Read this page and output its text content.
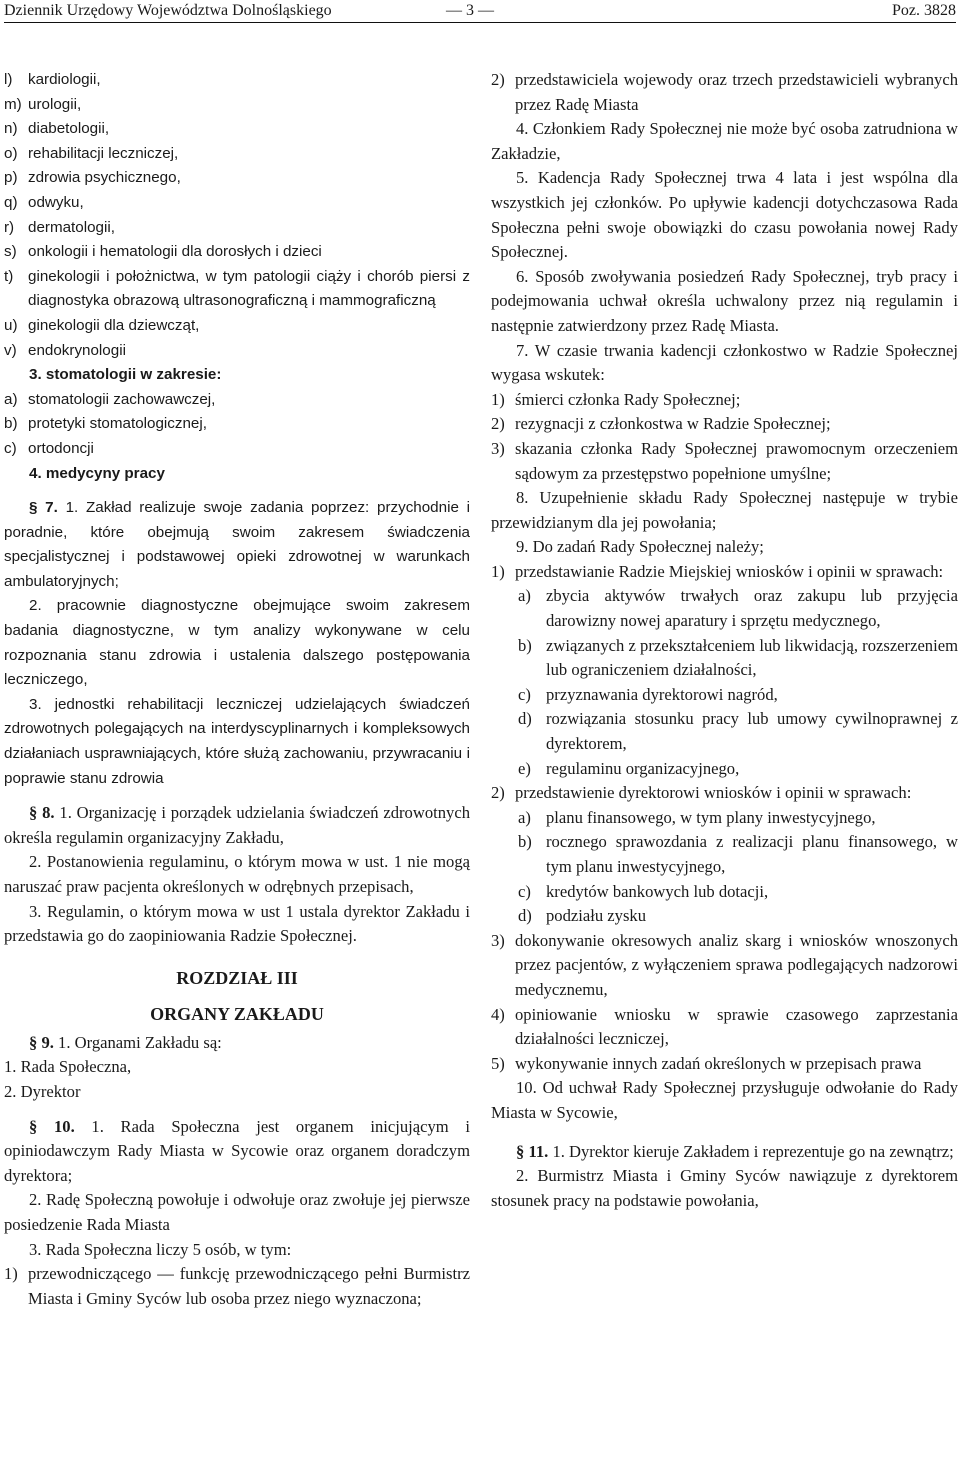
Dziennik Urzędowy Województwa Dolnośląskiego	— 3 —	Poz. 3828
l) kardiologii,
m) urologii,
n) diabetologii,
o) rehabilitacji leczniczej,
p) zdrowia psychicznego,
q) odwyku,
r) dermatologii,
s) onkologii i hematologii dla dorosłych i dzieci
t) ginekologii i położnictwa, w tym patologii ciąży i chorób piersi z diagnostyka obrazową ultrasonograficzną i mammograficzną
u) ginekologii dla dziewcząt,
v) endokrynologii
3. stomatologii w zakresie:
a) stomatologii zachowawczej,
b) protetyki stomatologicznej,
c) ortodoncji
4. medycyny pracy
§ 7. 1. Zakład realizuje swoje zadania poprzez: przychodnie i poradnie, które obejmują swoim zakresem świadczenia specjalistycznej i podstawowej opieki zdrowotnej w warunkach ambulatoryjnych;
2. pracownie diagnostyczne obejmujące swoim zakresem badania diagnostyczne, w tym analizy wykonywane w celu rozpoznania stanu zdrowia i ustalenia dalszego postępowania leczniczego,
3. jednostki rehabilitacji leczniczej udzielających świadczeń zdrowotnych polegających na interdyscyplinarnych i kompleksowych działaniach usprawniających, które służą zachowaniu, przywracaniu i poprawie stanu zdrowia
§ 8. 1. Organizację i porządek udzielania świadczeń zdrowotnych określa regulamin organizacyjny Zakładu,
2. Postanowienia regulaminu, o którym mowa w ust. 1 nie mogą naruszać praw pacjenta określonych w odrębnych przepisach,
3. Regulamin, o którym mowa w ust 1 ustala dyrektor Zakładu i przedstawia go do zaopiniowania Radzie Społecznej.
ROZDZIAŁ III
ORGANY ZAKŁADU
§ 9. 1. Organami Zakładu są:
1. Rada Społeczna,
2. Dyrektor
§ 10. 1. Rada Społeczna jest organem inicjującym i opiniodawczym Rady Miasta w Sycowie oraz organem doradczym dyrektora;
2. Radę Społeczną powołuje i odwołuje oraz zwołuje jej pierwsze posiedzenie Rada Miasta
3. Rada Społeczna liczy 5 osób, w tym:
1) przewodniczącego — funkcję przewodniczącego pełni Burmistrz Miasta i Gminy Syców lub osoba przez niego wyznaczona;
2) przedstawiciela wojewody oraz trzech przedstawicieli wybranych przez Radę Miasta
4. Członkiem Rady Społecznej nie może być osoba zatrudniona w Zakładzie,
5. Kadencja Rady Społecznej trwa 4 lata i jest wspólna dla wszystkich jej członków. Po upływie kadencji dotychczasowa Rada Społeczna pełni swoje obowiązki do czasu powołania nowej Rady Społecznej.
6. Sposób zwoływania posiedzeń Rady Społecznej, tryb pracy i podejmowania uchwał określa uchwalony przez nią regulamin i następnie zatwierdzony przez Radę Miasta.
7. W czasie trwania kadencji członkostwo w Radzie Społecznej wygasa wskutek:
1) śmierci członka Rady Społecznej;
2) rezygnacji z członkostwa w Radzie Społecznej;
3) skazania członka Rady Społecznej prawomocnym orzeczeniem sądowym za przestępstwo popełnione umyślne;
8. Uzupełnienie składu Rady Społecznej następuje w trybie przewidzianym dla jej powołania;
9. Do zadań Rady Społecznej należy;
1) przedstawianie Radzie Miejskiej wniosków i opinii w sprawach:
a) zbycia aktywów trwałych oraz zakupu lub przyjęcia darowizny nowej aparatury i sprzętu medycznego,
b) związanych z przekształceniem lub likwidacją, rozszerzeniem lub ograniczeniem działalności,
c) przyznawania dyrektorowi nagród,
d) rozwiązania stosunku pracy lub umowy cywilnoprawnej z dyrektorem,
e) regulaminu organizacyjnego,
2) przedstawienie dyrektorowi wniosków i opinii w sprawach:
a) planu finansowego, w tym plany inwestycyjnego,
b) rocznego sprawozdania z realizacji planu finansowego, w tym planu inwestycyjnego,
c) kredytów bankowych lub dotacji,
d) podziału zysku
3) dokonywanie okresowych analiz skarg i wniosków wnoszonych przez pacjentów, z wyłączeniem sprawa podlegających nadzorowi medycznemu,
4) opiniowanie wniosku w sprawie czasowego zaprzestania działalności leczniczej,
5) wykonywanie innych zadań określonych w przepisach prawa
10. Od uchwał Rady Społecznej przysługuje odwołanie do Rady Miasta w Sycowie,
§ 11. 1. Dyrektor kieruje Zakładem i reprezentuje go na zewnątrz;
2. Burmistrz Miasta i Gminy Syców nawiązuje z dyrektorem stosunek pracy na podstawie powołania,
